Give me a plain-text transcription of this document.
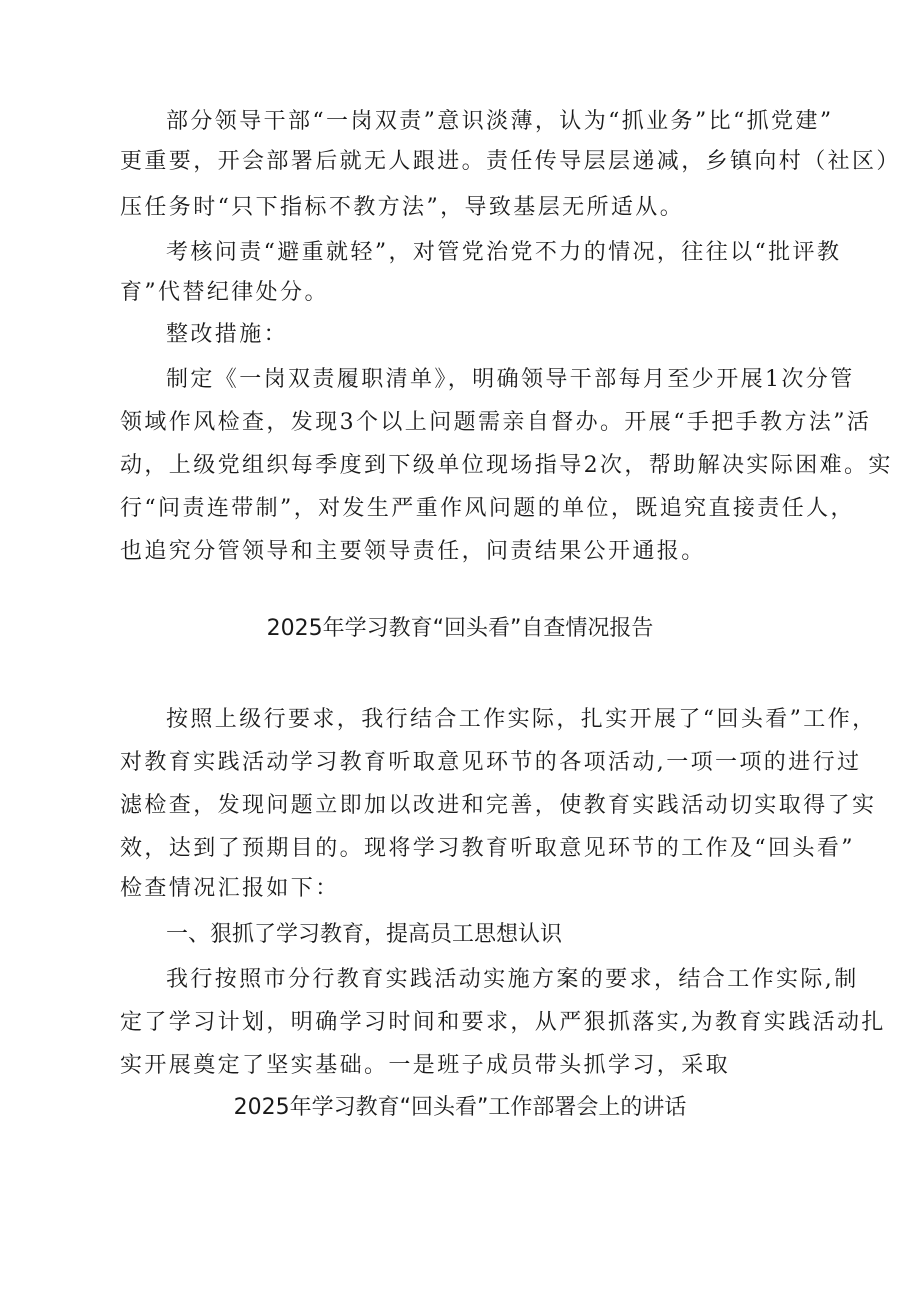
部分领导干部“一岗双责”意识淡薄，认为“抓业务”比“抓党建”
更重要，开会部署后就无人跟进。责任传导层层递减，乡镇向村（社区）
压任务时“只下指标不教方法”，导致基层无所适从。
考核问责“避重就轻”，对管党治党不力的情况，往往以“批评教
育”代替纪律处分。
整改措施：
制定《一岗双责履职清单》，明确领导干部每月至少开展1次分管
领域作风检查，发现3个以上问题需亲自督办。开展“手把手教方法”活
动，上级党组织每季度到下级单位现场指导2次，帮助解决实际困难。实
行“问责连带制”，对发生严重作风问题的单位，既追究直接责任人，
也追究分管领导和主要领导责任，问责结果公开通报。
2025年学习教育“回头看”自查情况报告
按照上级行要求，我行结合工作实际，扎实开展了“回头看”工作，
对教育实践活动学习教育听取意见环节的各项活动,一项一项的进行过
滤检查，发现问题立即加以改进和完善，使教育实践活动切实取得了实
效，达到了预期目的。现将学习教育听取意见环节的工作及“回头看”
检查情况汇报如下：
一、狠抓了学习教育，提高员工思想认识
我行按照市分行教育实践活动实施方案的要求，结合工作实际,制
定了学习计划，明确学习时间和要求，从严狠抓落实,为教育实践活动扎
实开展奠定了坚实基础。一是班子成员带头抓学习，采取
2025年学习教育“回头看”工作部署会上的讲话
